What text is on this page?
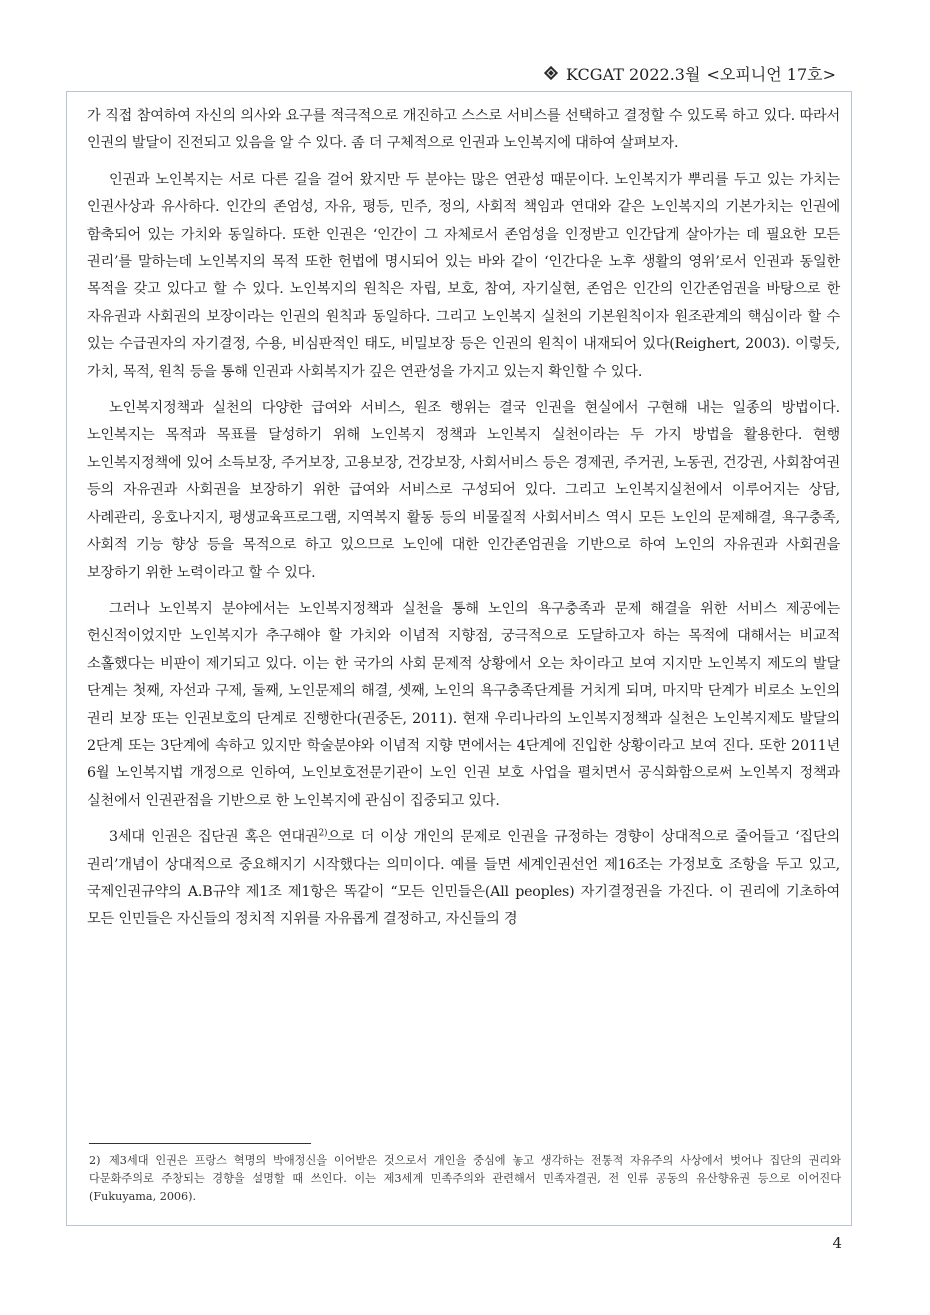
KCGAT 2022.3월 <오피니언 17호>

가 직접 참여하여 자신의 의사와 요구를 적극적으로 개진하고 스스로 서비스를 선택하고 결정할 수 있도록 하고 있다. 따라서 인권의 발달이 진전되고 있음을 알 수 있다. 좀 더 구체적으로 인권과 노인복지에 대하여 살펴보자.

인권과 노인복지는 서로 다른 길을 걸어 왔지만 두 분야는 많은 연관성 때문이다. 노인복지가 뿌리를 두고 있는 가치는 인권사상과 유사하다. 인간의 존엄성, 자유, 평등, 민주, 정의, 사회적 책임과 연대와 같은 노인복지의 기본가치는 인권에 함축되어 있는 가치와 동일하다. 또한 인권은 ‘인간이 그 자체로서 존엄성을 인정받고 인간답게 살아가는 데 필요한 모든 권리’를 말하는데 노인복지의 목적 또한 헌법에 명시되어 있는 바와 같이 ‘인간다운 노후 생활의 영위’로서 인권과 동일한 목적을 갖고 있다고 할 수 있다. 노인복지의 원칙은 자립, 보호, 참여, 자기실현, 존엄은 인간의 인간존엄권을 바탕으로 한 자유권과 사회권의 보장이라는 인권의 원칙과 동일하다. 그리고 노인복지 실천의 기본원칙이자 원조관계의 핵심이라 할 수 있는 수급권자의 자기결정, 수용, 비심판적인 태도, 비밀보장 등은 인권의 원칙이 내재되어 있다(Reighert, 2003). 이렇듯, 가치, 목적, 원칙 등을 통해 인권과 사회복지가 깊은 연관성을 가지고 있는지 확인할 수 있다.

노인복지정책과 실천의 다양한 급여와 서비스, 원조 행위는 결국 인권을 현실에서 구현해 내는 일종의 방법이다. 노인복지는 목적과 목표를 달성하기 위해 노인복지 정책과 노인복지 실천이라는 두 가지 방법을 활용한다. 현행 노인복지정책에 있어 소득보장, 주거보장, 고용보장, 건강보장, 사회서비스 등은 경제권, 주거권, 노동권, 건강권, 사회참여권 등의 자유권과 사회권을 보장하기 위한 급여와 서비스로 구성되어 있다. 그리고 노인복지실천에서 이루어지는 상담, 사례관리, 옹호나지지, 평생교육프로그램, 지역복지 활동 등의 비물질적 사회서비스 역시 모든 노인의 문제해결, 욕구충족, 사회적 기능 향상 등을 목적으로 하고 있으므로 노인에 대한 인간존엄권을 기반으로 하여 노인의 자유권과 사회권을 보장하기 위한 노력이라고 할 수 있다.

그러나 노인복지 분야에서는 노인복지정책과 실천을 통해 노인의 욕구충족과 문제 해결을 위한 서비스 제공에는 헌신적이었지만 노인복지가 추구해야 할 가치와 이념적 지향점, 궁극적으로 도달하고자 하는 목적에 대해서는 비교적 소홀했다는 비판이 제기되고 있다. 이는 한 국가의 사회 문제적 상황에서 오는 차이라고 보여 지지만 노인복지 제도의 발달 단계는 첫째, 자선과 구제, 둘째, 노인문제의 해결, 셋째, 노인의 욕구충족단계를 거치게 되며, 마지막 단계가 비로소 노인의 권리 보장 또는 인권보호의 단계로 진행한다(권중돈, 2011). 현재 우리나라의 노인복지정책과 실천은 노인복지제도 발달의 2단계 또는 3단계에 속하고 있지만 학술분야와 이념적 지향 면에서는 4단계에 진입한 상황이라고 보여 진다. 또한 2011년 6월 노인복지법 개정으로 인하여, 노인보호전문기관이 노인 인권 보호 사업을 펼치면서 공식화함으로써 노인복지 정책과 실천에서 인권관점을 기반으로 한 노인복지에 관심이 집중되고 있다.

3세대 인권은 집단권 혹은 연대권$^{2)}$으로 더 이상 개인의 문제로 인권을 규정하는 경향이 상대적으로 줄어들고 ‘집단의 권리’개념이 상대적으로 중요해지기 시작했다는 의미이다. 예를 들면 세계인권선언 제16조는 가정보호 조항을 두고 있고, 국제인권규약의 A.B규약 제1조 제1항은 똑같이 “모든 인민들은(All peoples) 자기결정권을 가진다. 이 권리에 기초하여 모든 인민들은 자신들의 정치적 지위를 자유롭게 결정하고, 자신들의 경

2) 제3세대 인권은 프랑스 혁명의 박애정신을 이어받은 것으로서 개인을 중심에 놓고 생각하는 전통적 자유주의 사상에서 벗어나 집단의 권리와 다문화주의로 주창되는 경향을 설명할 때 쓰인다. 이는 제3세계 민족주의와 관련해서 민족자결권, 전 인류 공동의 유산향유권 등으로 이어진다(Fukuyama, 2006).
4
